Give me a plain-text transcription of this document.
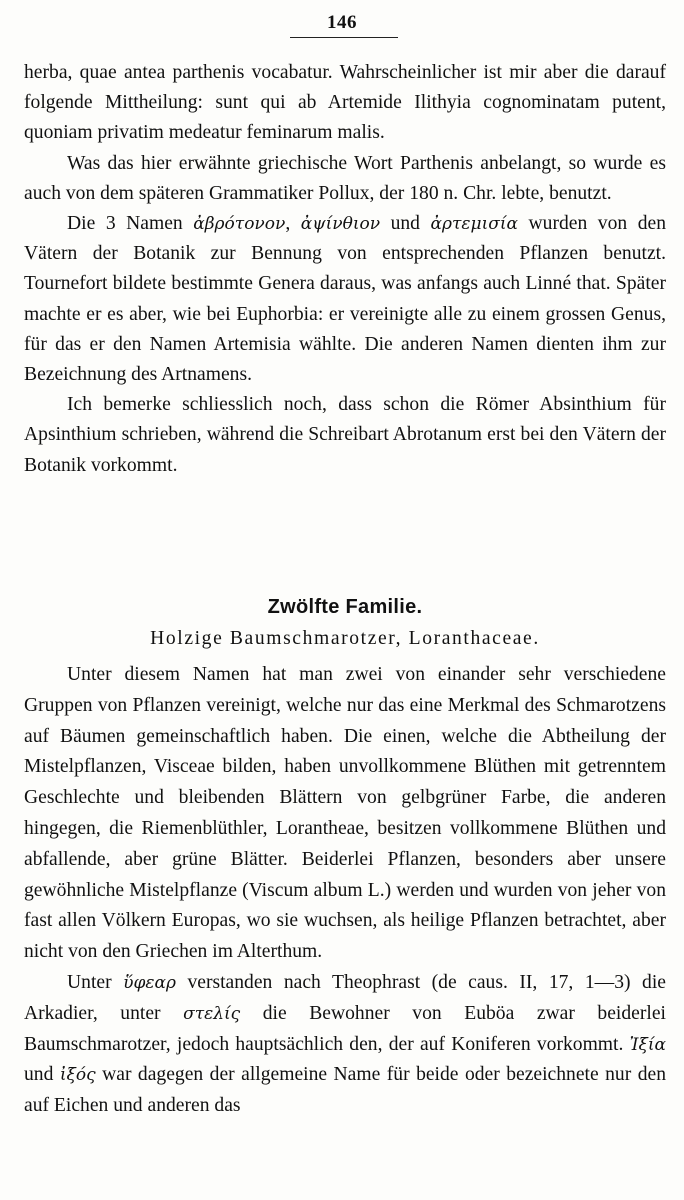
146

herba, quae antea parthenis vocabatur. Wahrscheinlicher ist mir aber die darauf folgende Mittheilung: sunt qui ab Artemide Ilithyia cognominatam putent, quoniam privatim medeatur feminarum malis.

Was das hier erwähnte griechische Wort Parthenis anbelangt, so wurde es auch von dem späteren Grammatiker Pollux, der 180 n. Chr. lebte, benutzt.

Die 3 Namen ἀβρότονον, ἀψίνθιον und ἀρτεμισία wurden von den Vätern der Botanik zur Bennung von entsprechenden Pflanzen benutzt. Tournefort bildete bestimmte Genera daraus, was anfangs auch Linné that. Später machte er es aber, wie bei Euphorbia: er vereinigte alle zu einem grossen Genus, für das er den Namen Artemisia wählte. Die anderen Namen dienten ihm zur Bezeichnung des Artnamens.

Ich bemerke schliesslich noch, dass schon die Römer Absinthium für Apsinthium schrieben, während die Schreibart Abrotanum erst bei den Vätern der Botanik vorkommt.

Zwölfte Familie.
Holzige Baumschmarotzer, Loranthaceae.

Unter diesem Namen hat man zwei von einander sehr verschiedene Gruppen von Pflanzen vereinigt, welche nur das eine Merkmal des Schmarotzens auf Bäumen gemeinschaftlich haben. Die einen, welche die Abtheilung der Mistelpflanzen, Visceae bilden, haben unvollkommene Blüthen mit getrenntem Geschlechte und bleibenden Blättern von gelbgrüner Farbe, die anderen hingegen, die Riemenblüthler, Lorantheae, besitzen vollkommene Blüthen und abfallende, aber grüne Blätter. Beiderlei Pflanzen, besonders aber unsere gewöhnliche Mistelpflanze (Viscum album L.) werden und wurden von jeher von fast allen Völkern Europas, wo sie wuchsen, als heilige Pflanzen betrachtet, aber nicht von den Griechen im Alterthum.

Unter ὕφεαρ verstanden nach Theophrast (de caus. II, 17, 1—3) die Arkadier, unter στελίς die Bewohner von Euböa zwar beiderlei Baumschmarotzer, jedoch hauptsächlich den, der auf Koniferen vorkommt. Ἰξία und ἰξός war dagegen der allgemeine Name für beide oder bezeichnete nur den auf Eichen und anderen das
